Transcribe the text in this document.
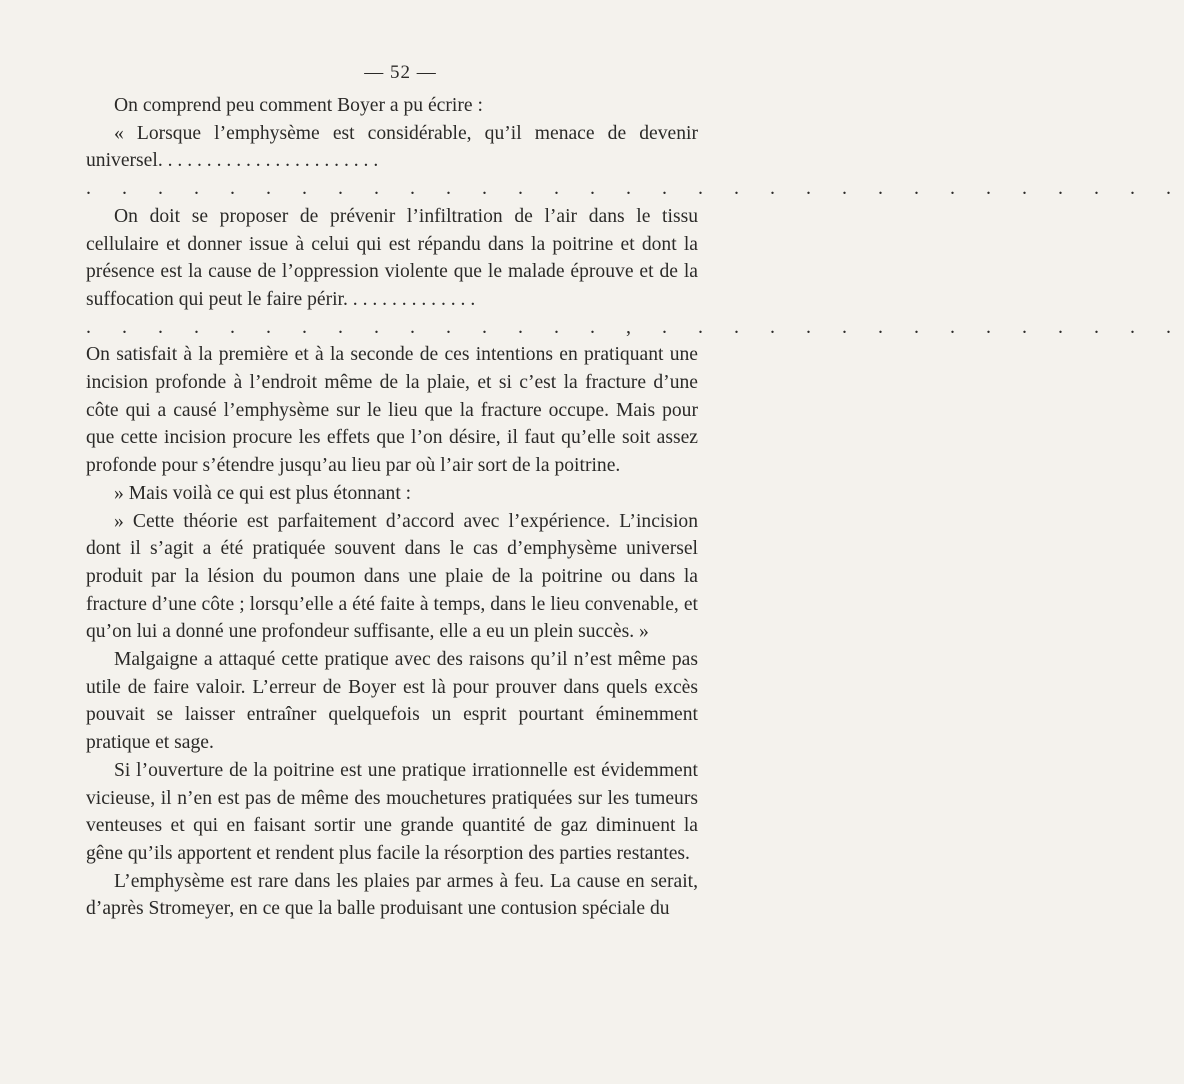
— 52 —

On comprend peu comment Boyer a pu écrire :

« Lorsque l’emphysème est considérable, qu’il menace de devenir universel. . . . . . . . . . . . . . . . . . . . . . .

. . . . . . . . . . . . . . . . . . . . . . . . . . . . . . .

On doit se proposer de prévenir l’infiltration de l’air dans le tissu cellulaire et donner issue à celui qui est répandu dans la poitrine et dont la présence est la cause de l’oppression violente que le malade éprouve et de la suffocation qui peut le faire périr. . . . . . . . . . . . . .

. . . . . . . . . . . . . . . , . . . . . . . . . . . . . . .

On satisfait à la première et à la seconde de ces intentions en pratiquant une incision profonde à l’endroit même de la plaie, et si c’est la fracture d’une côte qui a causé l’emphysème sur le lieu que la fracture occupe. Mais pour que cette incision procure les effets que l’on désire, il faut qu’elle soit assez profonde pour s’étendre jusqu’au lieu par où l’air sort de la poitrine.

» Mais voilà ce qui est plus étonnant :

» Cette théorie est parfaitement d’accord avec l’expérience. L’incision dont il s’agit a été pratiquée souvent dans le cas d’emphysème universel produit par la lésion du poumon dans une plaie de la poitrine ou dans la fracture d’une côte ; lorsqu’elle a été faite à temps, dans le lieu convenable, et qu’on lui a donné une profondeur suffisante, elle a eu un plein succès. »

Malgaigne a attaqué cette pratique avec des raisons qu’il n’est même pas utile de faire valoir. L’erreur de Boyer est là pour prouver dans quels excès pouvait se laisser entraîner quelquefois un esprit pourtant éminemment pratique et sage.

Si l’ouverture de la poitrine est une pratique irrationnelle est évidemment vicieuse, il n’en est pas de même des mouchetures pratiquées sur les tumeurs venteuses et qui en faisant sortir une grande quantité de gaz diminuent la gêne qu’ils apportent et rendent plus facile la résorption des parties restantes.

L’emphysème est rare dans les plaies par armes à feu. La cause en serait, d’après Stromeyer, en ce que la balle produisant une contusion spéciale du
